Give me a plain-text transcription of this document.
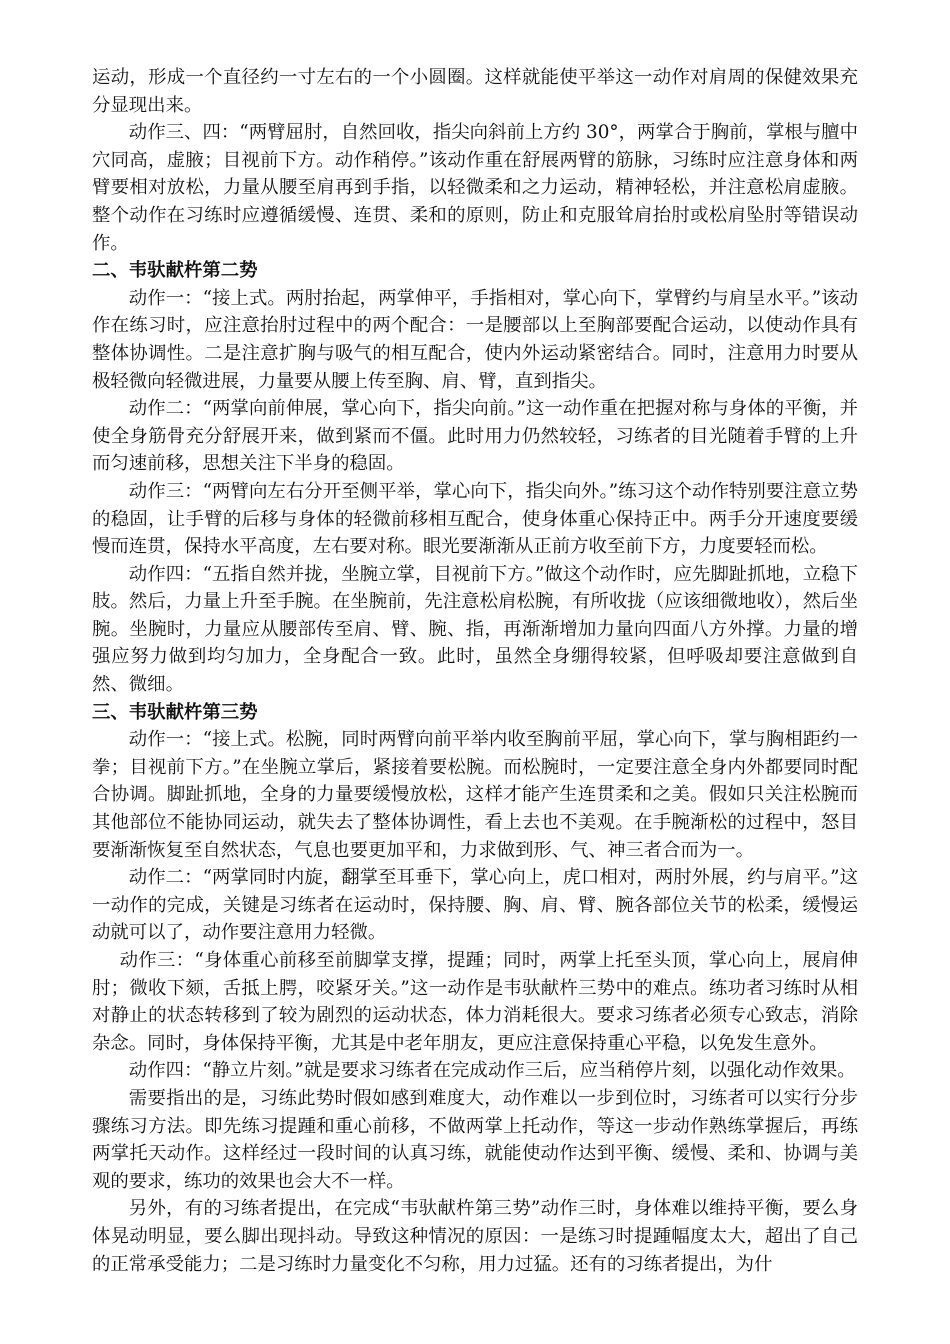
运动，形成一个直径约一寸左右的一个小圆圈。这样就能使平举这一动作对肩周的保健效果充分显现出来。

动作三、四：“两臂屈肘，自然回收，指尖向斜前上方约 30°，两掌合于胸前，掌根与膻中穴同高，虚腋；目视前下方。动作稍停。”该动作重在舒展两臂的筋脉，习练时应注意身体和两臂要相对放松，力量从腰至肩再到手指，以轻微柔和之力运动，精神轻松，并注意松肩虚腋。整个动作在习练时应遵循缓慢、连贯、柔和的原则，防止和克服耸肩抬肘或松肩坠肘等错误动作。

二、韦驮献杵第二势

动作一：“接上式。两肘抬起，两掌伸平，手指相对，掌心向下，掌臂约与肩呈水平。”该动作在练习时，应注意抬肘过程中的两个配合：一是腰部以上至胸部要配合运动，以使动作具有整体协调性。二是注意扩胸与吸气的相互配合，使内外运动紧密结合。同时，注意用力时要从极轻微向轻微进展，力量要从腰上传至胸、肩、臂，直到指尖。

动作二：“两掌向前伸展，掌心向下，指尖向前。”这一动作重在把握对称与身体的平衡，并使全身筋骨充分舒展开来，做到紧而不僵。此时用力仍然较轻，习练者的目光随着手臂的上升而匀速前移，思想关注下半身的稳固。

动作三：“两臂向左右分开至侧平举，掌心向下，指尖向外。”练习这个动作特别要注意立势的稳固，让手臂的后移与身体的轻微前移相互配合，使身体重心保持正中。两手分开速度要缓慢而连贯，保持水平高度，左右要对称。眼光要渐渐从正前方收至前下方，力度要轻而松。

动作四：“五指自然并拢，坐腕立掌，目视前下方。”做这个动作时，应先脚趾抓地，立稳下肢。然后，力量上升至手腕。在坐腕前，先注意松肩松腕，有所收拢（应该细微地收），然后坐腕。坐腕时，力量应从腰部传至肩、臂、腕、指，再渐渐增加力量向四面八方外撑。力量的增强应努力做到均匀加力，全身配合一致。此时，虽然全身绷得较紧，但呼吸却要注意做到自然、微细。

三、韦驮献杵第三势

动作一：“接上式。松腕，同时两臂向前平举内收至胸前平屈，掌心向下，掌与胸相距约一拳；目视前下方。”在坐腕立掌后，紧接着要松腕。而松腕时，一定要注意全身内外都要同时配合协调。脚趾抓地，全身的力量要缓慢放松，这样才能产生连贯柔和之美。假如只关注松腕而其他部位不能协同运动，就失去了整体协调性，看上去也不美观。在手腕渐松的过程中，怒目要渐渐恢复至自然状态，气息也要更加平和，力求做到形、气、神三者合而为一。

动作二：“两掌同时内旋，翻掌至耳垂下，掌心向上，虎口相对，两肘外展，约与肩平。”这一动作的完成，关键是习练者在运动时，保持腰、胸、肩、臂、腕各部位关节的松柔，缓慢运动就可以了，动作要注意用力轻微。

动作三：“身体重心前移至前脚掌支撑，提踵；同时，两掌上托至头顶，掌心向上，展肩伸肘；微收下颏，舌抵上腭，咬紧牙关。”这一动作是韦驮献杵三势中的难点。练功者习练时从相对静止的状态转移到了较为剧烈的运动状态，体力消耗很大。要求习练者必须专心致志，消除杂念。同时，身体保持平衡，尤其是中老年朋友，更应注意保持重心平稳，以免发生意外。

动作四：“静立片刻。”就是要求习练者在完成动作三后，应当稍停片刻，以强化动作效果。

需要指出的是，习练此势时假如感到难度大，动作难以一步到位时，习练者可以实行分步骤练习方法。即先练习提踵和重心前移，不做两掌上托动作，等这一步动作熟练掌握后，再练两掌托天动作。这样经过一段时间的认真习练，就能使动作达到平衡、缓慢、柔和、协调与美观的要求，练功的效果也会大不一样。

另外，有的习练者提出，在完成“韦驮献杵第三势”动作三时，身体难以维持平衡，要么身体晃动明显，要么脚出现抖动。导致这种情况的原因：一是练习时提踵幅度太大，超出了自己的正常承受能力；二是习练时力量变化不匀称，用力过猛。还有的习练者提出，为什
